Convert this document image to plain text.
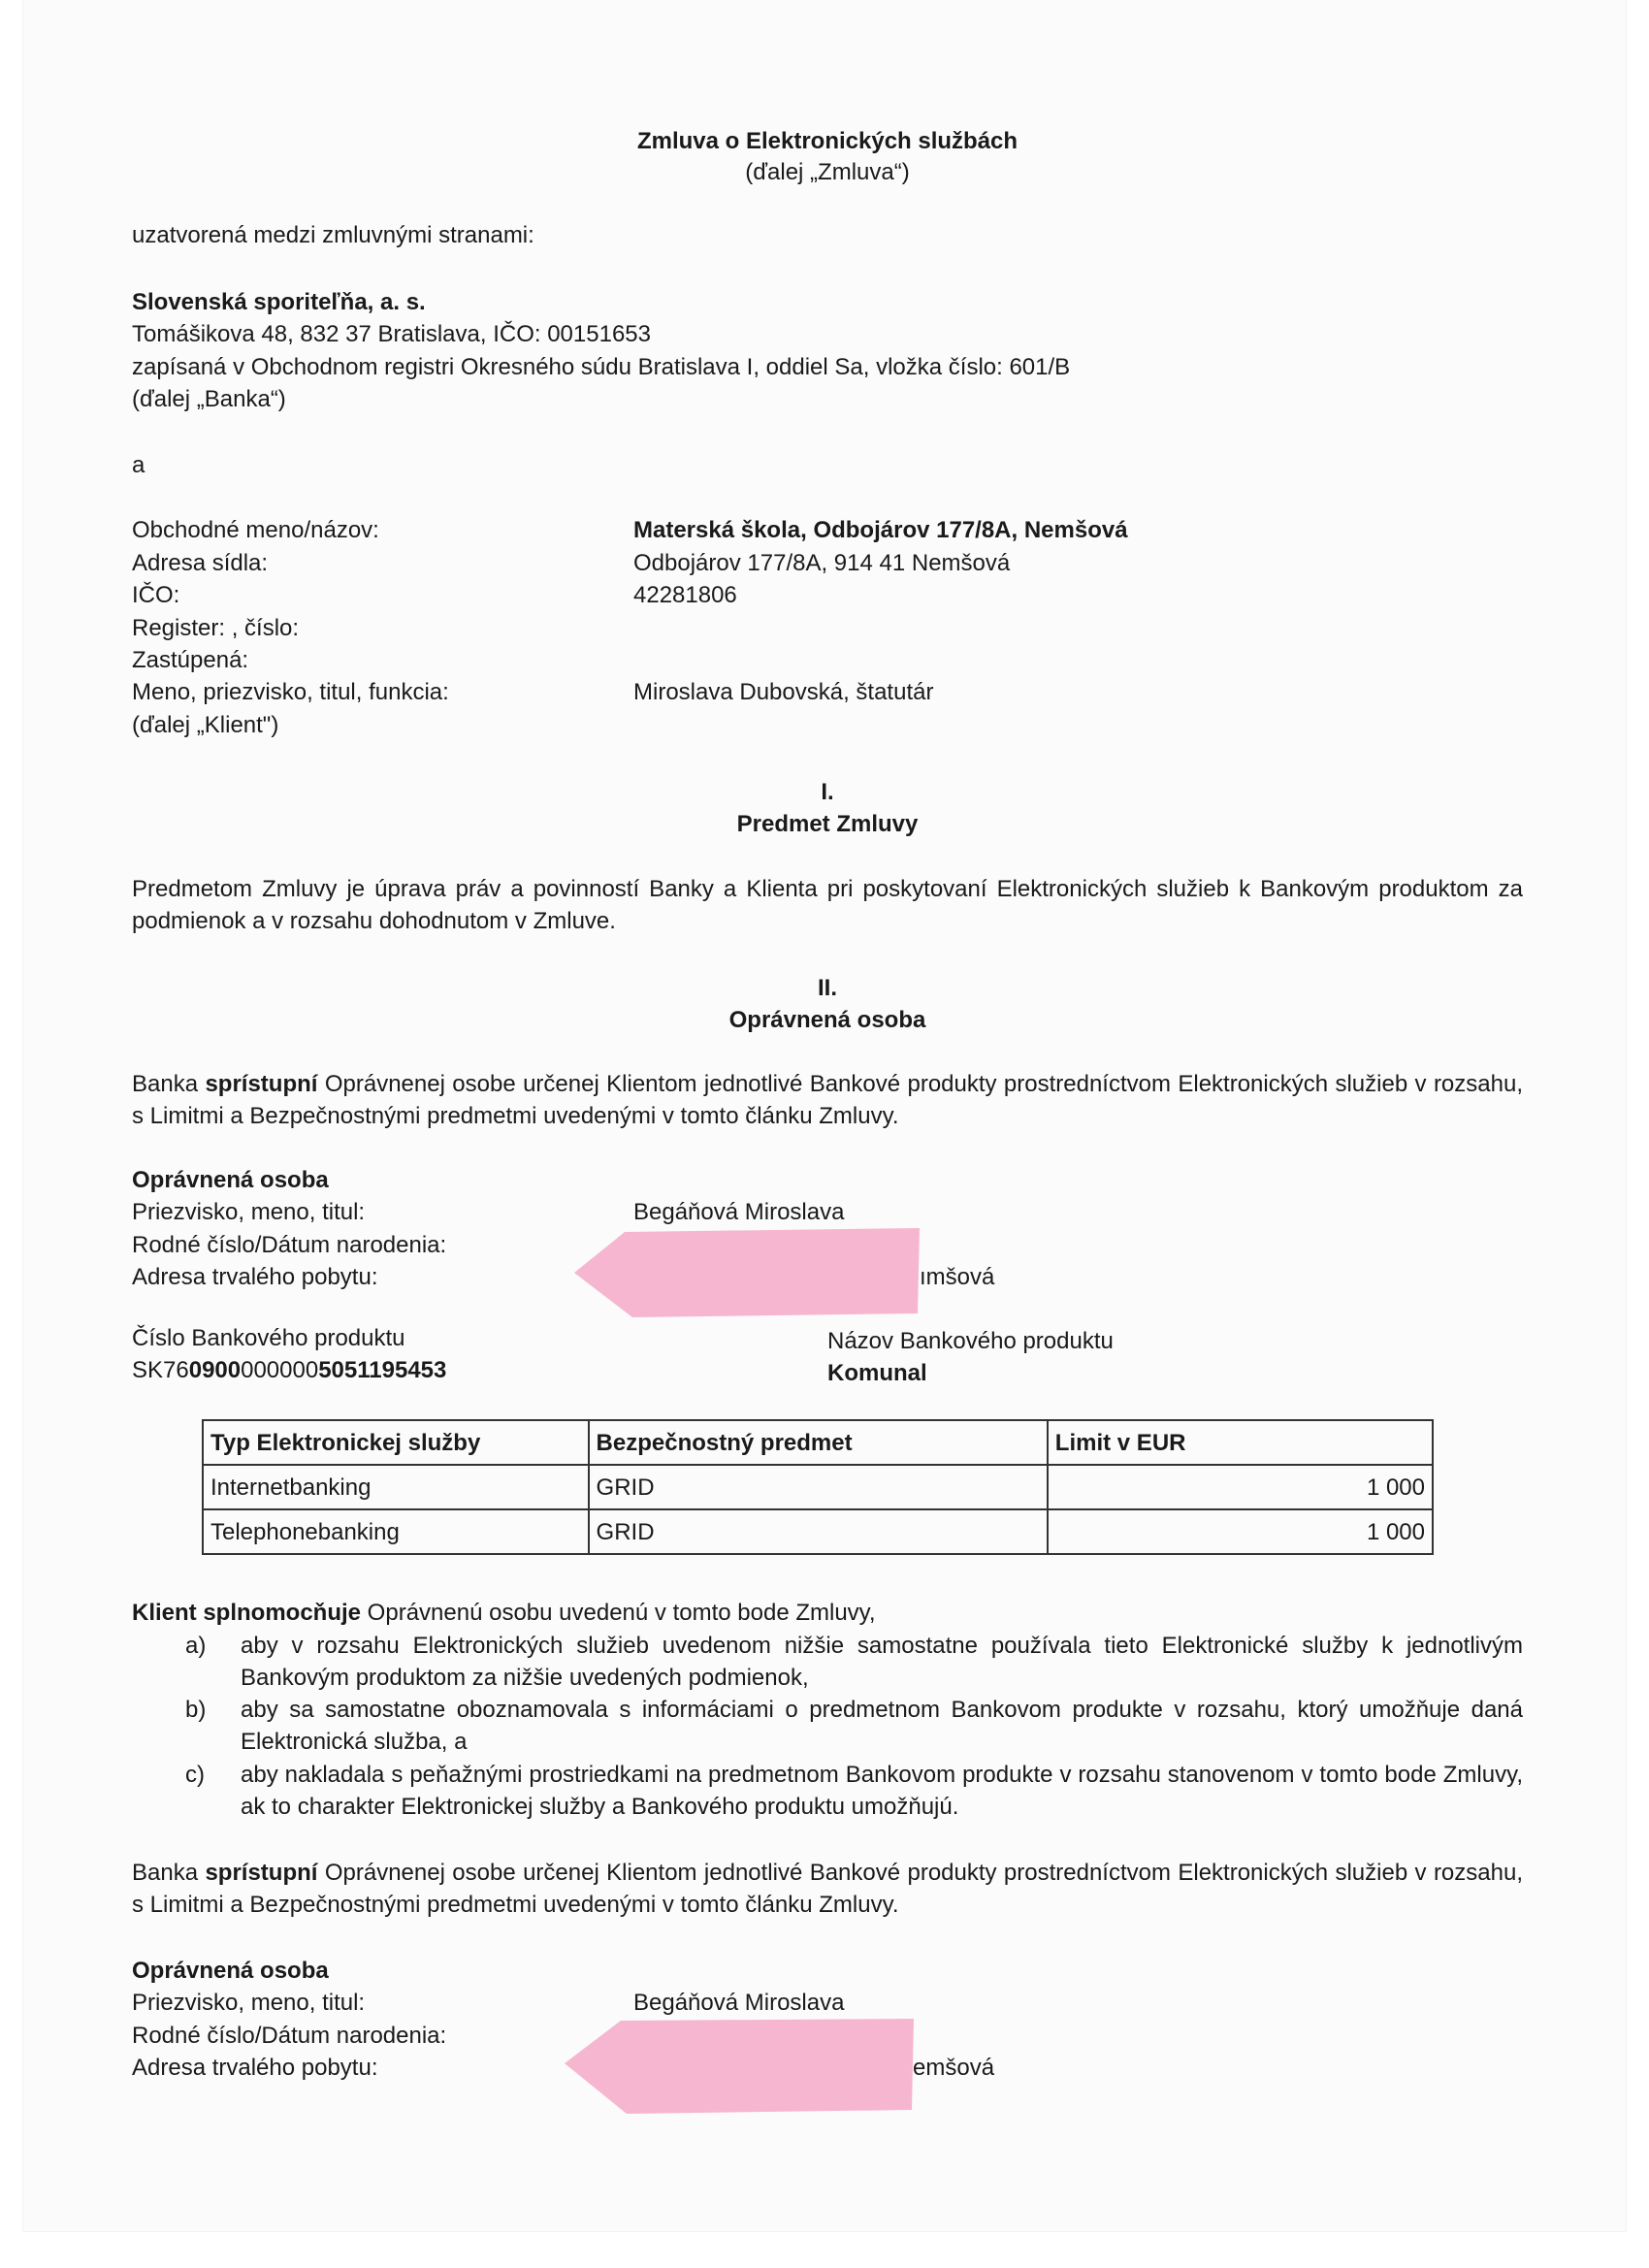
Zmluva o Elektronických službách
(ďalej „Zmluva“)
uzatvorená medzi zmluvnými stranami:
Slovenská sporiteľňa, a. s.
Tomášikova 48, 832 37 Bratislava, IČO: 00151653
zapísaná v Obchodnom registri Okresného súdu Bratislava I, oddiel Sa, vložka číslo: 601/B
(ďalej „Banka“)
a
Obchodné meno/názov:	Materská škola, Odbojárov 177/8A, Nemšová
Adresa sídla:	Odbojárov 177/8A, 914 41 Nemšová
IČO:	42281806
Register: , číslo:
Zastúpená:
Meno, priezvisko, titul, funkcia:	Miroslava Dubovská, štatutár
(ďalej „Klient")
I.
Predmet Zmluvy
Predmetom Zmluvy je úprava práv a povinností Banky a Klienta pri poskytovaní Elektronických služieb k Bankovým produktom za podmienok a v rozsahu dohodnutom v Zmluve.
II.
Oprávnená osoba
Banka sprístupní Oprávnenej osobe určenej Klientom jednotlivé Bankové produkty prostredníctvom Elektronických služieb v rozsahu, s Limitmi a Bezpečnostnými predmetmi uvedenými v tomto článku Zmluvy.
Oprávnená osoba
Priezvisko, meno, titul:	Begáňová Miroslava
Rodné číslo/Dátum narodenia:
Adresa trvalého pobytu:	ımšová
Číslo Bankového produktu
SK7609000000005051195453
Názov Bankového produktu
Komunal
Typ Elektronickej služby	Bezpečnostný predmet	Limit v EUR
Internetbanking	GRID	1 000
Telephonebanking	GRID	1 000
Klient splnomocňuje Oprávnenú osobu uvedenú v tomto bode Zmluvy,
a) aby v rozsahu Elektronických služieb uvedenom nižšie samostatne používala tieto Elektronické služby k jednotlivým Bankovým produktom za nižšie uvedených podmienok,
b) aby sa samostatne oboznamovala s informáciami o predmetnom Bankovom produkte v rozsahu, ktorý umožňuje daná Elektronická služba, a
c) aby nakladala s peňažnými prostriedkami na predmetnom Bankovom produkte v rozsahu stanovenom v tomto bode Zmluvy, ak to charakter Elektronickej služby a Bankového produktu umožňujú.
Banka sprístupní Oprávnenej osobe určenej Klientom jednotlivé Bankové produkty prostredníctvom Elektronických služieb v rozsahu, s Limitmi a Bezpečnostnými predmetmi uvedenými v tomto článku Zmluvy.
Oprávnená osoba
Priezvisko, meno, titul:	Begáňová Miroslava
Rodné číslo/Dátum narodenia:
Adresa trvalého pobytu:	emšová
